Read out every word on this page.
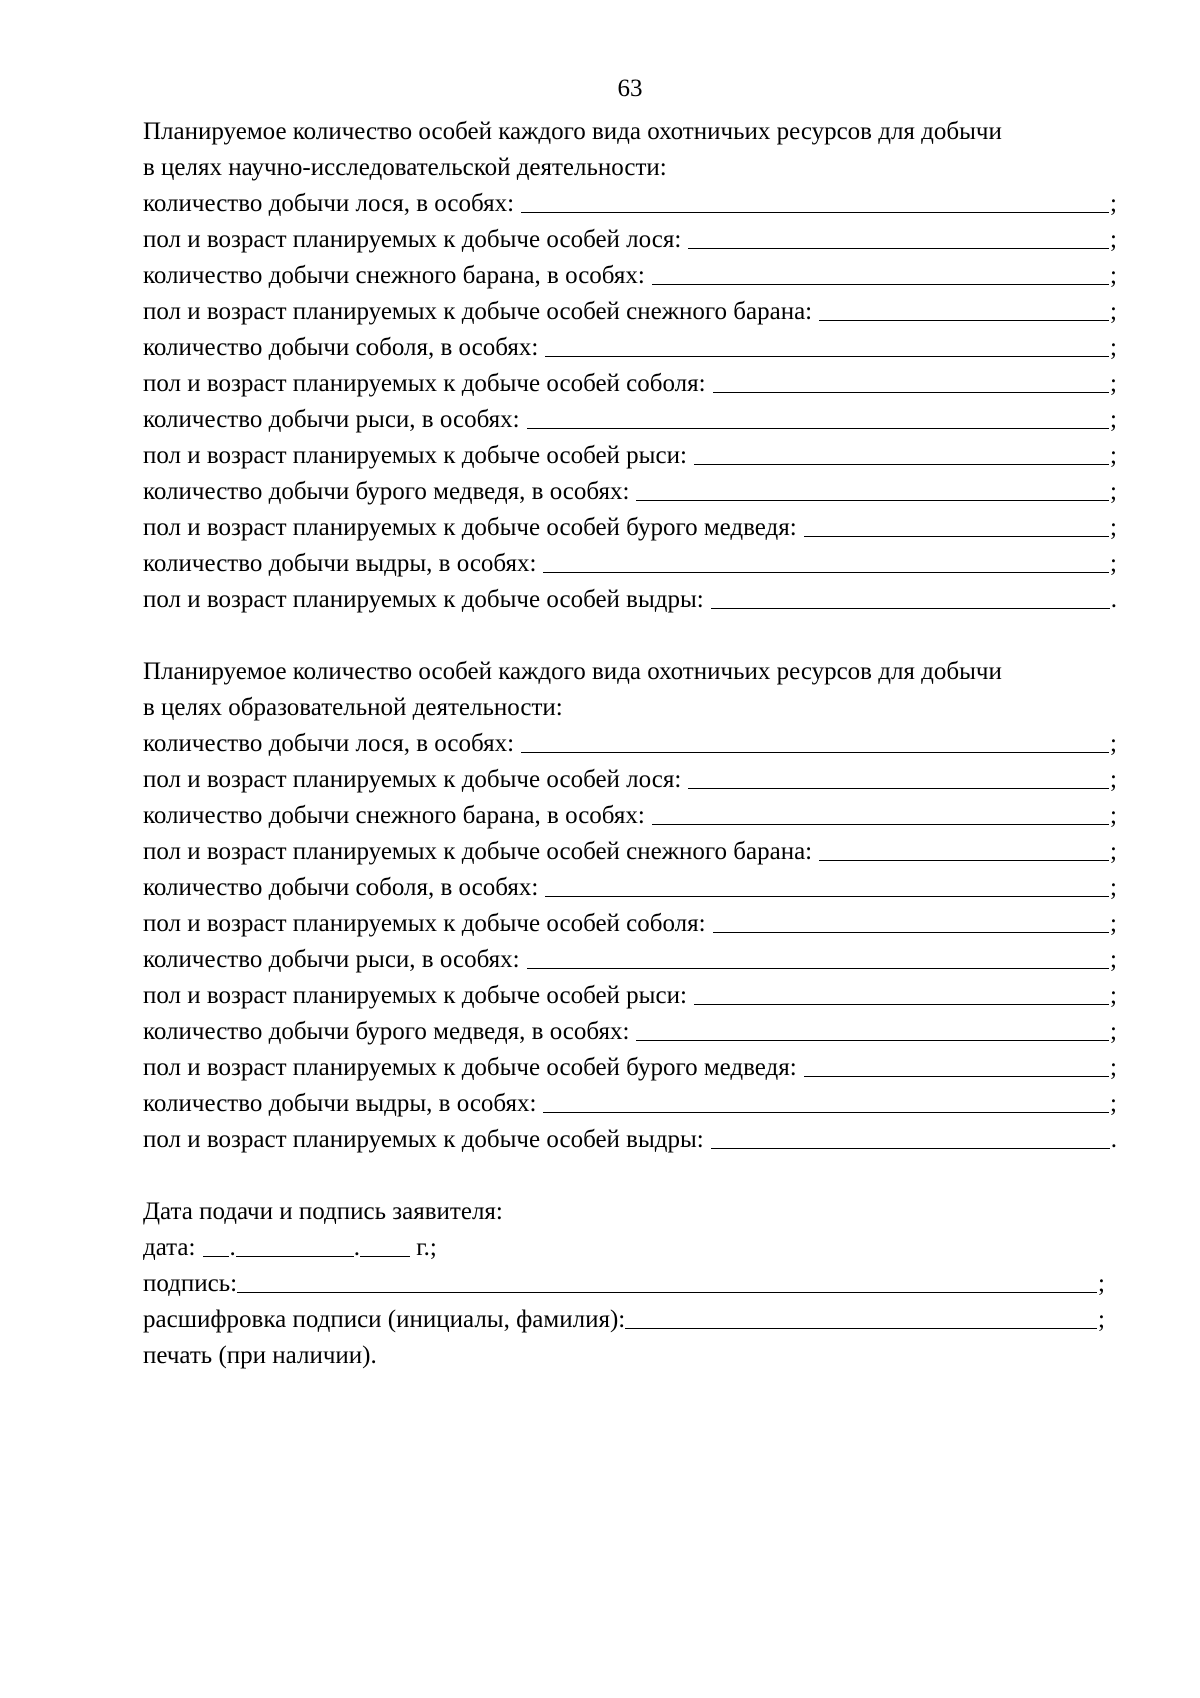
63
Планируемое количество особей каждого вида охотничьих ресурсов для добычи
в целях научно-исследовательской деятельности:
количество добычи лося, в особях:	;
пол и возраст планируемых к добыче особей лося:	;
количество добычи снежного барана, в особях:	;
пол и возраст планируемых к добыче особей снежного барана:	;
количество добычи соболя, в особях:	;
пол и возраст планируемых к добыче особей соболя:	;
количество добычи рыси, в особях:	;
пол и возраст планируемых к добыче особей рыси:	;
количество добычи бурого медведя, в особях:	;
пол и возраст планируемых к добыче особей бурого медведя:	;
количество добычи выдры, в особях:	;
пол и возраст планируемых к добыче особей выдры:	.
Планируемое количество особей каждого вида охотничьих ресурсов для добычи
в целях образовательной деятельности:
количество добычи лося, в особях:	;
пол и возраст планируемых к добыче особей лося:	;
количество добычи снежного барана, в особях:	;
пол и возраст планируемых к добыче особей снежного барана:	;
количество добычи соболя, в особях:	;
пол и возраст планируемых к добыче особей соболя:	;
количество добычи рыси, в особях:	;
пол и возраст планируемых к добыче особей рыси:	;
количество добычи бурого медведя, в особях:	;
пол и возраст планируемых к добыче особей бурого медведя:	;
количество добычи выдры, в особях:	;
пол и возраст планируемых к добыче особей выдры:	.
Дата подачи и подпись заявителя:
дата: .	. г.;
подпись:	;
расшифровка подписи (инициалы, фамилия):	;
печать (при наличии).
